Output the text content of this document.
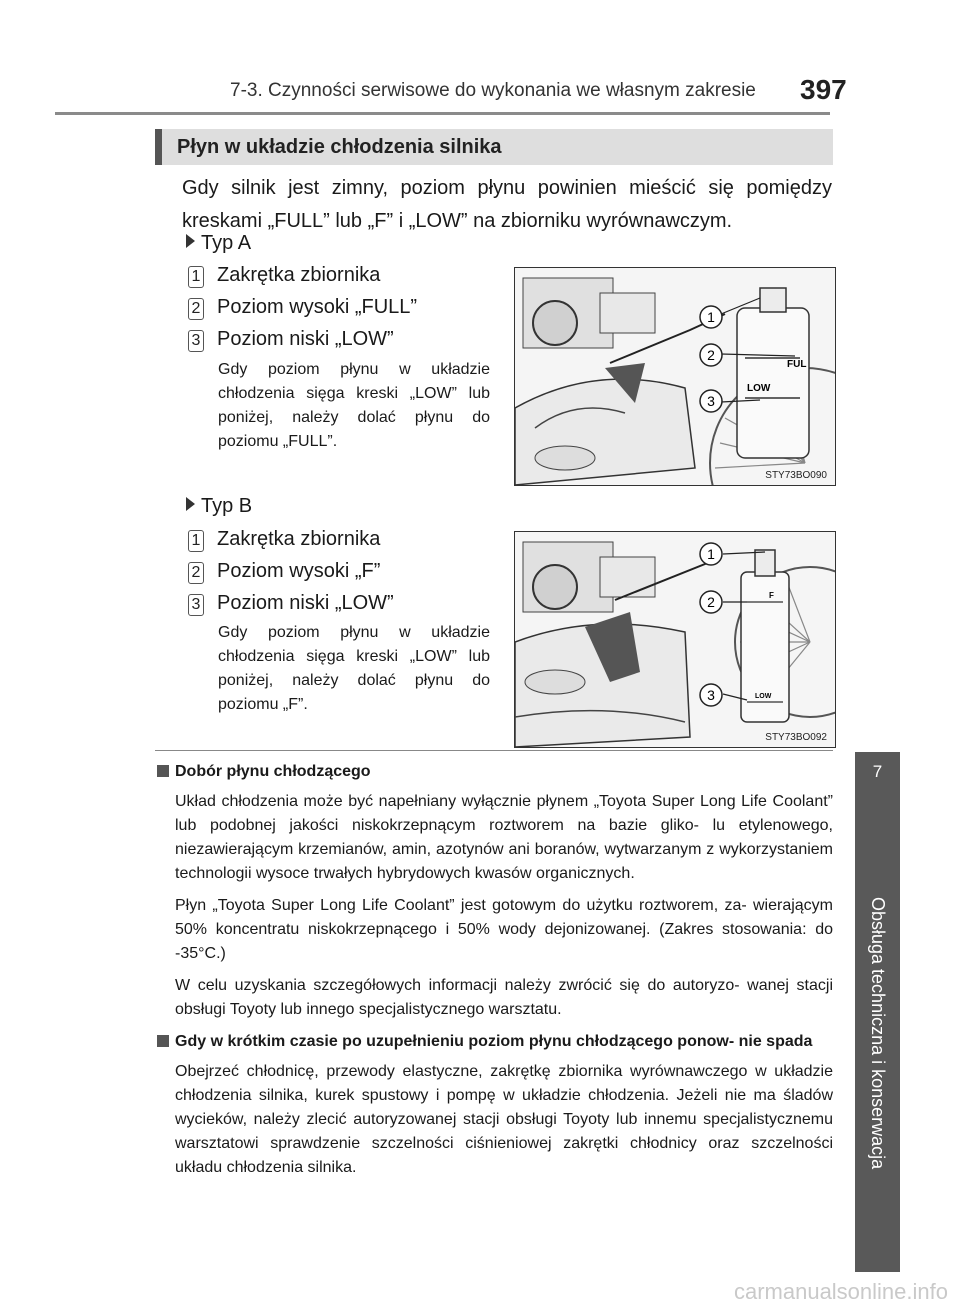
7-3. Czynności serwisowe do wykonania we własnym zakresie 397
7
Obsługa techniczna i konserwacja
Płyn w układzie chłodzenia silnika
Gdy silnik jest zimny, poziom płynu powinien mieścić się pomiędzy kreskami „FULL” lub „F” i „LOW” na zbiorniku wyrównawczym.
Typ A
1 Zakrętka zbiornika
2 Poziom wysoki „FULL”
3 Poziom niski „LOW”
Gdy poziom płynu w układzie chłodzenia sięga kreski „LOW” lub poniżej, należy dolać płynu do poziomu „FULL”.
FUL
LOW
1
2
3
STY73BO090
Typ B
1 Zakrętka zbiornika
2 Poziom wysoki „F”
3 Poziom niski „LOW”
Gdy poziom płynu w układzie chłodzenia sięga kreski „LOW” lub poniżej, należy dolać płynu do poziomu „F”.
F
LOW
1
2
3
STY73BO092
Dobór płynu chłodzącego
Układ chłodzenia może być napełniany wyłącznie płynem „Toyota Super Long Life Coolant” lub podobnej jakości niskokrzepnącym roztworem na bazie gliko- lu etylenowego, niezawierającym krzemianów, amin, azotynów ani boranów, wytwarzanym z wykorzystaniem technologii wysoce trwałych hybrydowych kwasów organicznych.
Płyn „Toyota Super Long Life Coolant” jest gotowym do użytku roztworem, za- wierającym 50% koncentratu niskokrzepnącego i 50% wody dejonizowanej. (Zakres stosowania: do -35°C.)
W celu uzyskania szczegółowych informacji należy zwrócić się do autoryzo- wanej stacji obsługi Toyoty lub innego specjalistycznego warsztatu.
Gdy w krótkim czasie po uzupełnieniu poziom płynu chłodzącego ponow- nie spada
Obejrzeć chłodnicę, przewody elastyczne, zakrętkę zbiornika wyrównawczego w układzie chłodzenia silnika, kurek spustowy i pompę w układzie chłodzenia. Jeżeli nie ma śladów wycieków, należy zlecić autoryzowanej stacji obsługi Toyoty lub innemu specjalistycznemu warsztatowi sprawdzenie szczelności ciśnieniowej zakrętki chłodnicy oraz szczelności układu chłodzenia silnika.
carmanualsonline.info
